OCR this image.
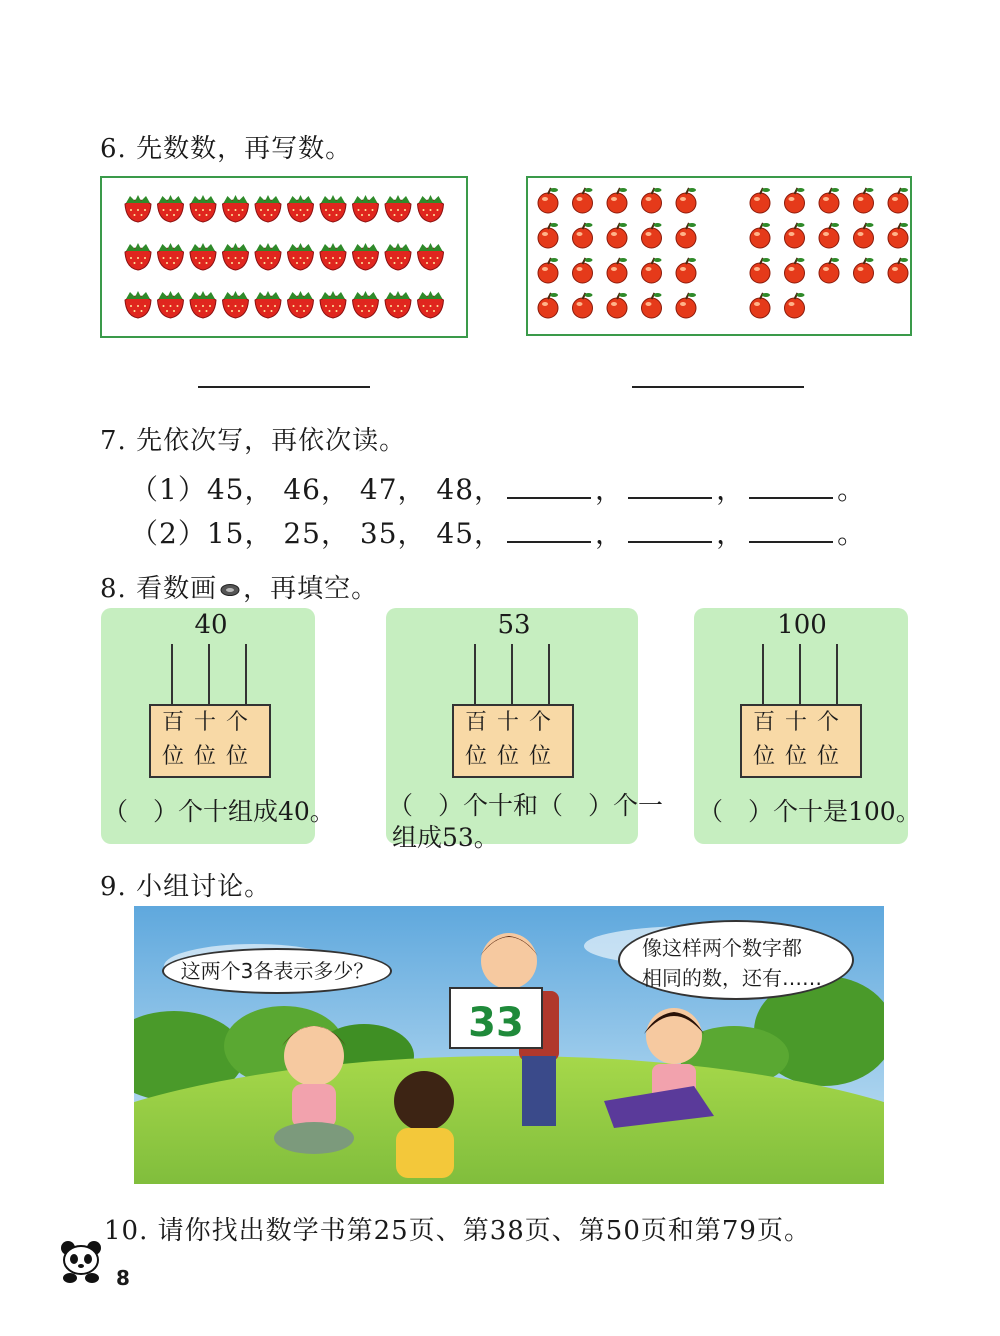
6. 先数数，再写数。
7. 先依次写，再依次读。
（1）45， 46， 47， 48，	，	，	。
（2）15， 25， 35， 45，	，	，	。
8. 看数画 ，再填空。
40
百十个
位位位
（　）个十组成40。
53
百十个
位位位
（　）个十和（　）个一
组成53。
100
百十个
位位位
（　）个十是100。
9. 小组讨论。
33
这两个3各表示多少？
像这样两个数字都
相同的数，还有……
10. 请你找出数学书第25页、第38页、第50页和第79页。
8
